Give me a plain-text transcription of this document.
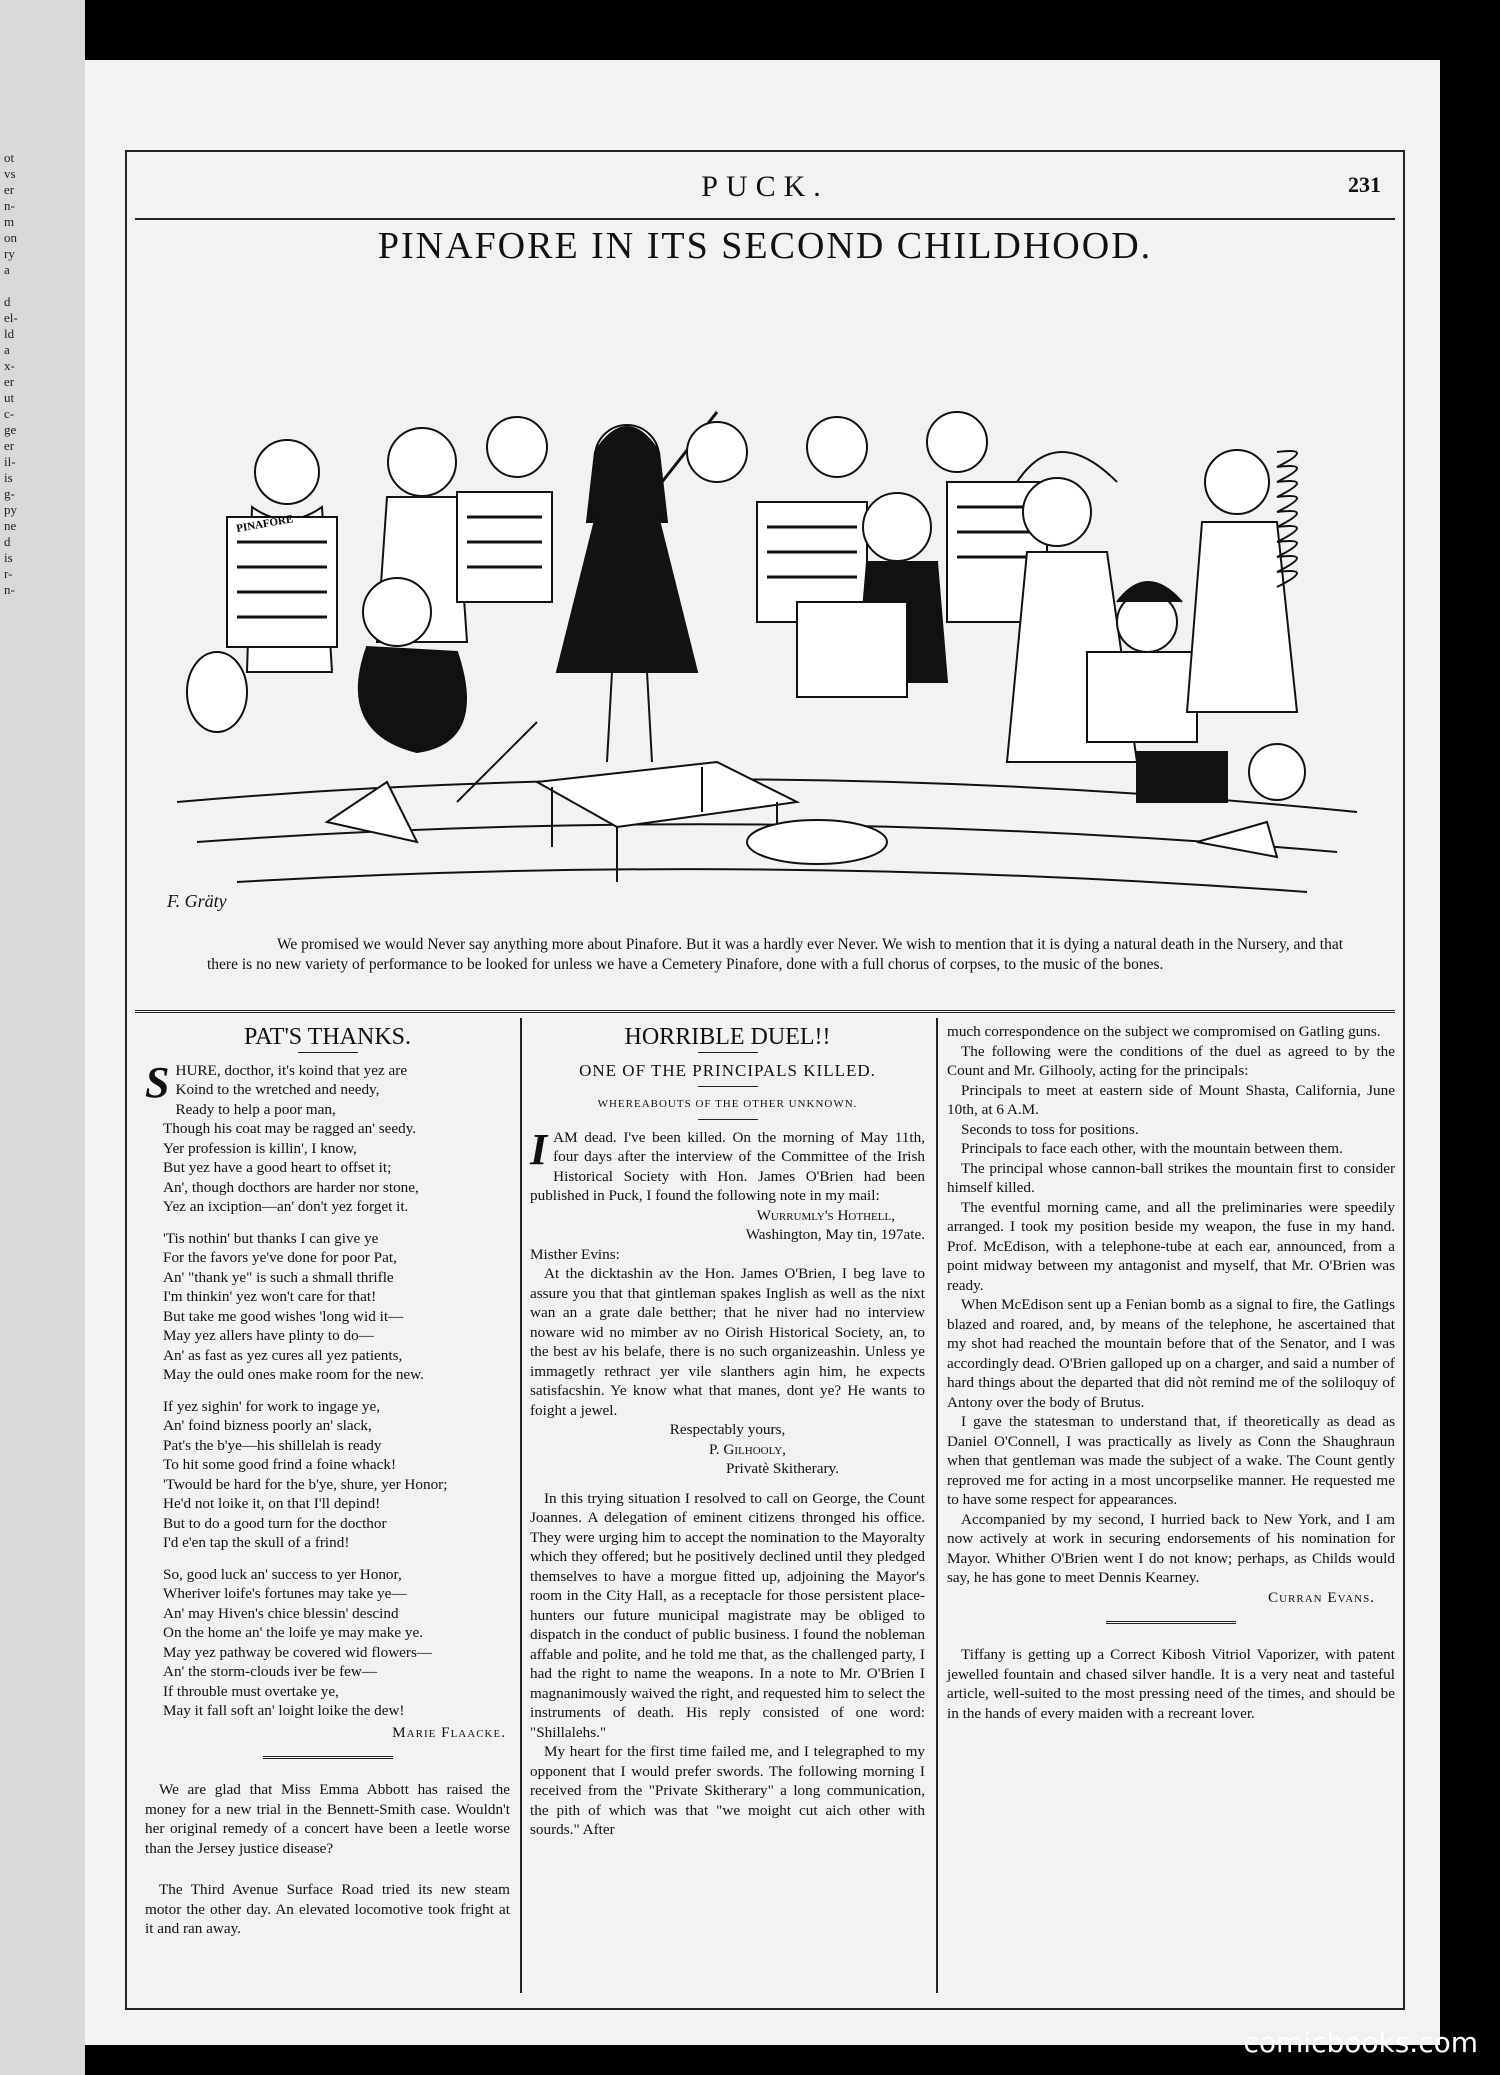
ot
vs
er
n-
m
on
ry
a

d
el-
ld
a
x-
er
ut
c-
ge
er
il-
is
g-
py
ne
d
is
r-
n-
PUCK.	231
PINAFORE IN ITS SECOND CHILDHOOD.
PINAFORE
F. Gräty
We promised we would Never say anything more about Pinafore. But it was a hardly ever Never. We wish to mention that it is dying a natural death in the Nursery, and that there is no new variety of performance to be looked for unless we have a Cemetery Pinafore, done with a full chorus of corpses, to the music of the bones.
PAT'S THANKS.

S HURE, docthor, it's koind that yez are
Koind to the wretched and needy,
Ready to help a poor man,
Though his coat may be ragged an' seedy.
Yer profession is killin', I know,
But yez have a good heart to offset it;
An', though docthors are harder nor stone,
Yez an ixciption—an' don't yez forget it.

'Tis nothin' but thanks I can give ye
For the favors ye've done for poor Pat,
An' "thank ye" is such a shmall thrifle
I'm thinkin' yez won't care for that!
But take me good wishes 'long wid it—
May yez allers have plinty to do—
An' as fast as yez cures all yez patients,
May the ould ones make room for the new.

If yez sighin' for work to ingage ye,
An' foind bizness poorly an' slack,
Pat's the b'ye—his shillelah is ready
To hit some good frind a foine whack!
'Twould be hard for the b'ye, shure, yer Honor;
He'd not loike it, on that I'll depind!
But to do a good turn for the docthor
I'd e'en tap the skull of a frind!

So, good luck an' success to yer Honor,
Wheriver loife's fortunes may take ye—
An' may Hiven's chice blessin' descind
On the home an' the loife ye may make ye.
May yez pathway be covered wid flowers—
An' the storm-clouds iver be few—
If throuble must overtake ye,
May it fall soft an' loight loike the dew!

Marie Flaacke.

We are glad that Miss Emma Abbott has raised the money for a new trial in the Bennett-Smith case. Wouldn't her original remedy of a concert have been a leetle worse than the Jersey justice disease?

The Third Avenue Surface Road tried its new steam motor the other day. An elevated locomotive took fright at it and ran away.

HORRIBLE DUEL!!
ONE OF THE PRINCIPALS KILLED.
WHEREABOUTS OF THE OTHER UNKNOWN.

IAM dead. I've been killed. On the morning of May 11th, four days after the interview of the Committee of the Irish Historical Society with Hon. James O'Brien had been published in Puck, I found the following note in my mail:

Wurrumly's Hothell,
Washington, May tin, 197ate.

Misther Evins:

At the dicktashin av the Hon. James O'Brien, I beg lave to assure you that that gintleman spakes Inglish as well as the nixt wan an a grate dale betther; that he niver had no interview noware wid no mimber av no Oirish Historical Society, an, to the best av his belafe, there is no such organizeashin. Unless ye immagetly rethract yer vile slanthers agin him, he expects satisfacshin. Ye know what that manes, dont ye? He wants to foight a jewel.

Respectably yours,
P. Gilhooly,
Privatè Skitherary.

In this trying situation I resolved to call on George, the Count Joannes. A delegation of eminent citizens thronged his office. They were urging him to accept the nomination to the Mayoralty which they offered; but he positively declined until they pledged themselves to have a morgue fitted up, adjoining the Mayor's room in the City Hall, as a receptacle for those persistent place-hunters our future municipal magistrate may be obliged to dispatch in the conduct of public business. I found the nobleman affable and polite, and he told me that, as the challenged party, I had the right to name the weapons. In a note to Mr. O'Brien I magnanimously waived the right, and requested him to select the instruments of death. His reply consisted of one word: "Shillalehs."

My heart for the first time failed me, and I telegraphed to my opponent that I would prefer swords. The following morning I received from the "Private Skitherary" a long communication, the pith of which was that "we moight cut aich other with sourds." After

much correspondence on the subject we compromised on Gatling guns.

The following were the conditions of the duel as agreed to by the Count and Mr. Gilhooly, acting for the principals:

Principals to meet at eastern side of Mount Shasta, California, June 10th, at 6 A.M.

Seconds to toss for positions.

Principals to face each other, with the mountain between them.

The principal whose cannon-ball strikes the mountain first to consider himself killed.

The eventful morning came, and all the preliminaries were speedily arranged. I took my position beside my weapon, the fuse in my hand. Prof. McEdison, with a telephone-tube at each ear, announced, from a point midway between my antagonist and myself, that Mr. O'Brien was ready.

When McEdison sent up a Fenian bomb as a signal to fire, the Gatlings blazed and roared, and, by means of the telephone, he ascertained that my shot had reached the mountain before that of the Senator, and I was accordingly dead. O'Brien galloped up on a charger, and said a number of hard things about the departed that did nòt remind me of the soliloquy of Antony over the body of Brutus.

I gave the statesman to understand that, if theoretically as dead as Daniel O'Connell, I was practically as lively as Conn the Shaughraun when that gentleman was made the subject of a wake. The Count gently reproved me for acting in a most uncorpselike manner. He requested me to have some respect for appearances.

Accompanied by my second, I hurried back to New York, and I am now actively at work in securing endorsements of his nomination for Mayor. Whither O'Brien went I do not know; perhaps, as Childs would say, he has gone to meet Dennis Kearney.

Curran Evans.

Tiffany is getting up a Correct Kibosh Vitriol Vaporizer, with patent jewelled fountain and chased silver handle. It is a very neat and tasteful article, well-suited to the most pressing need of the times, and should be in the hands of every maiden with a recreant lover.

comicbooks.com
